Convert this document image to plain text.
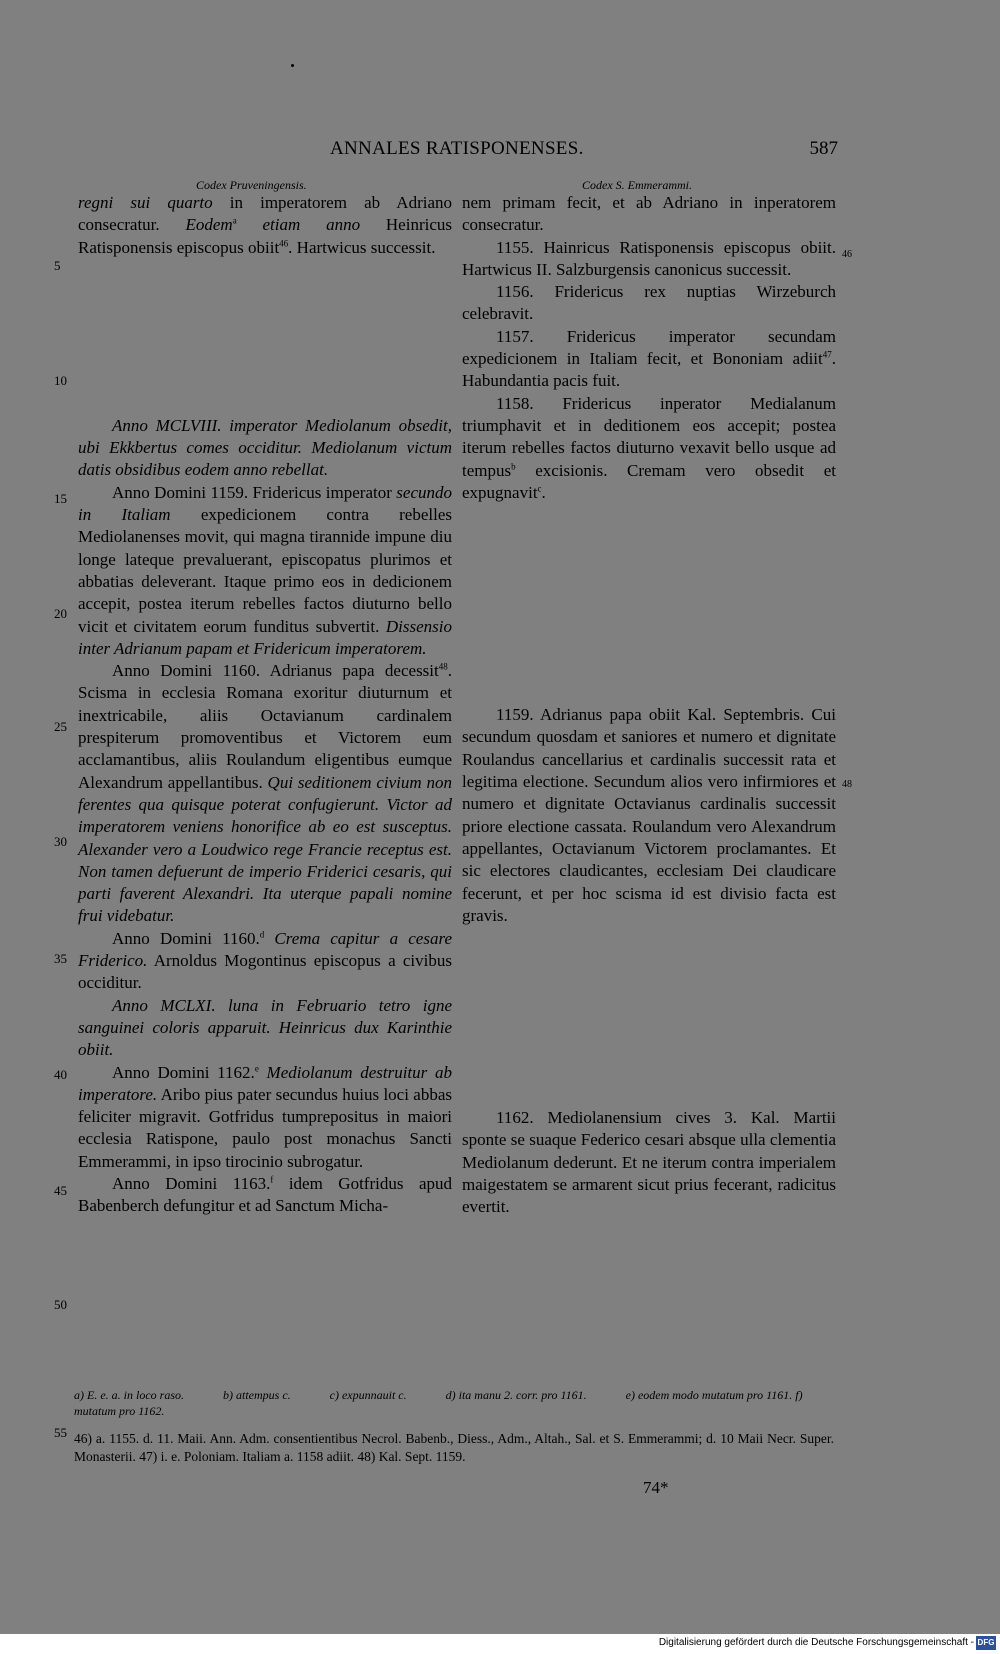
ANNALES RATISPONENSES.	587
Codex Pruveningensis.	Codex S. Emmerammi.

regni sui quarto in imperatorem ab Adriano consecratur. Eodem$^a$ etiam anno Heinricus Ratisponensis episcopus obiit$^{46}$. Hartwicus successit.

Anno MCLVIII. imperator Mediolanum obsedit, ubi Ekkbertus comes occiditur. Mediolanum victum datis obsidibus eodem anno rebellat.

Anno Domini 1159. Fridericus imperator secundo in Italiam expedicionem contra rebelles Mediolanenses movit, qui magna tirannide impune diu longe lateque prevaluerant, episcopatus plurimos et abbatias deleverant. Itaque primo eos in dedicionem accepit, postea iterum rebelles factos diuturno bello vicit et civitatem eorum funditus subvertit. Dissensio inter Adrianum papam et Fridericum imperatorem.

Anno Domini 1160. Adrianus papa decessit$^{48}$. Scisma in ecclesia Romana exoritur diuturnum et inextricabile, aliis Octavianum cardinalem prespiterum promoventibus et Victorem eum acclamantibus, aliis Roulandum eligentibus eumque Alexandrum appellantibus. Qui seditionem civium non ferentes qua quisque poterat confugierunt. Victor ad imperatorem veniens honorifice ab eo est susceptus. Alexander vero a Loudwico rege Francie receptus est. Non tamen defuerunt de imperio Friderici cesaris, qui parti faverent Alexandri. Ita uterque papali nomine frui videbatur.

Anno Domini 1160.$^d$ Crema capitur a cesare Friderico. Arnoldus Mogontinus episcopus a civibus occiditur.

Anno MCLXI. luna in Februario tetro igne sanguinei coloris apparuit. Heinricus dux Karinthie obiit.

Anno Domini 1162.$^e$ Mediolanum destruitur ab imperatore. Aribo pius pater secundus huius loci abbas feliciter migravit. Gotfridus tumprepositus in maiori ecclesia Ratispone, paulo post monachus Sancti Emmerammi, in ipso tirocinio subrogatur.

Anno Domini 1163.$^f$ idem Gotfridus apud Babenberch defungitur et ad Sanctum Micha-

nem primam fecit, et ab Adriano in inperatorem consecratur.

1155. Hainricus Ratisponensis episcopus obiit. Hartwicus II. Salzburgensis canonicus successit.

1156. Fridericus rex nuptias Wirzeburch celebravit.

1157. Fridericus imperator secundam expedicionem in Italiam fecit, et Bononiam adiit$^{47}$. Habundantia pacis fuit.

1158. Fridericus inperator Medialanum triumphavit et in deditionem eos accepit; postea iterum rebelles factos diuturno vexavit bello usque ad tempus$^b$ excisionis. Cremam vero obsedit et expugnavit$^c$.

1159. Adrianus papa obiit Kal. Septembris. Cui secundum quosdam et saniores et numero et dignitate Roulandus cancellarius et cardinalis successit rata et legitima electione. Secundum alios vero infirmiores et numero et dignitate Octavianus cardinalis successit priore electione cassata. Roulandum vero Alexandrum appellantes, Octavianum Victorem proclamantes. Et sic electores claudicantes, ecclesiam Dei claudicare fecerunt, et per hoc scisma id est divisio facta est gravis.

1162. Mediolanensium cives 3. Kal. Martii sponte se suaque Federico cesari absque ulla clementia Mediolanum dederunt. Et ne iterum contra imperialem maigestatem se armarent sicut prius fecerant, radicitus evertit.

5
10
15
20
25
30
35
40
45
50
55
46
48
a) E. e. a. in loco raso.	b) attempus c.	c) expunnauit c.	d) ita manu 2. corr. pro 1161.	e) eodem modo mutatum pro 1161. f) mutatum pro 1162.
46) a. 1155. d. 11. Maii. Ann. Adm. consentientibus Necrol. Babenb., Diess., Adm., Altah., Sal. et S. Emmerammi; d. 10 Maii Necr. Super. Monasterii. 47) i. e. Poloniam. Italiam a. 1158 adiit. 48) Kal. Sept. 1159.
74*
Digitalisierung gefördert durch die Deutsche Forschungsgemeinschaft - DFG
